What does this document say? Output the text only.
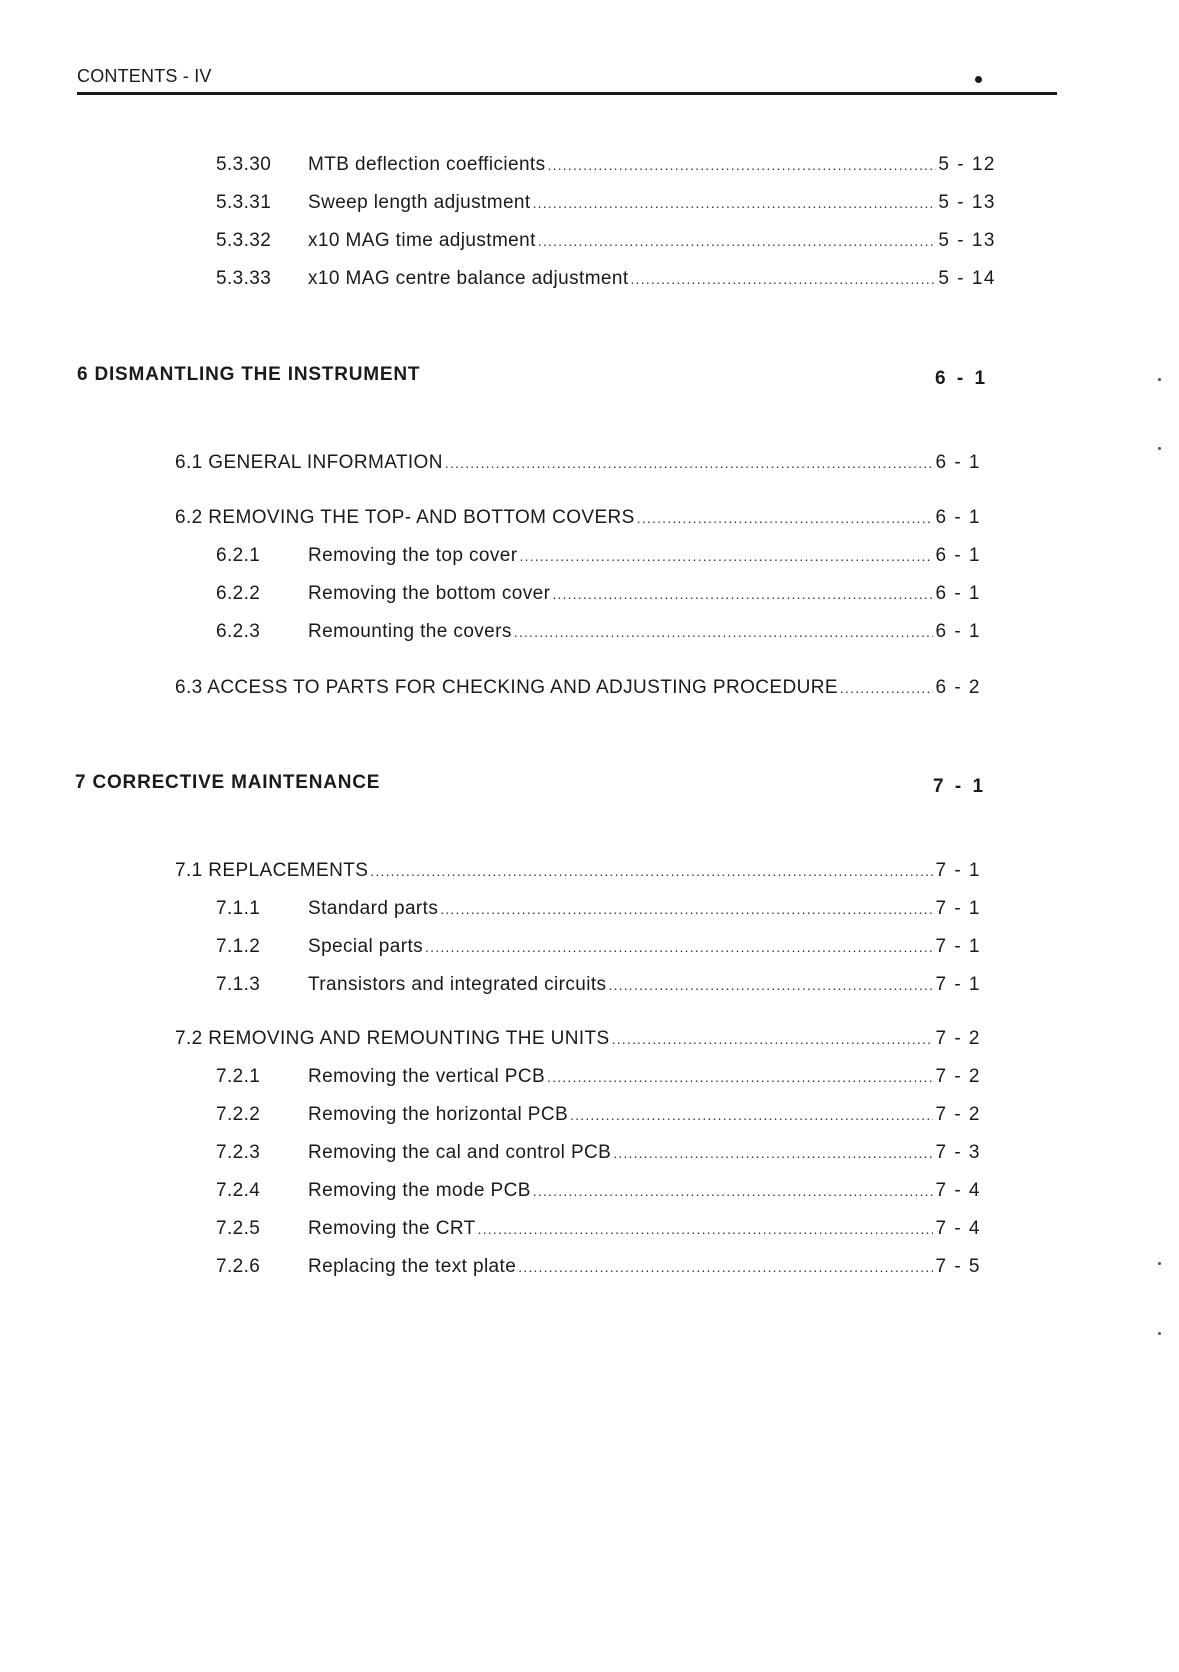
CONTENTS - IV
5.3.30	MTB deflection coefficients .....	5 - 12
5.3.31	Sweep length adjustment .....	5 - 13
5.3.32	x10 MAG time adjustment .....	5 - 13
5.3.33	x10 MAG centre balance adjustment .....	5 - 14
6 DISMANTLING THE INSTRUMENT	6 - 1
6.1 GENERAL INFORMATION .....	6 - 1
6.2 REMOVING THE TOP- AND BOTTOM COVERS .....	6 - 1
6.2.1	Removing the top cover .....	6 - 1
6.2.2	Removing the bottom cover .....	6 - 1
6.2.3	Remounting the covers .....	6 - 1
6.3 ACCESS TO PARTS FOR CHECKING AND ADJUSTING PROCEDURE .....	6 - 2
7 CORRECTIVE MAINTENANCE	7 - 1
7.1 REPLACEMENTS .....	7 - 1
7.1.1	Standard parts .....	7 - 1
7.1.2	Special parts .....	7 - 1
7.1.3	Transistors and integrated circuits .....	7 - 1
7.2 REMOVING AND REMOUNTING THE UNITS .....	7 - 2
7.2.1	Removing the vertical PCB .....	7 - 2
7.2.2	Removing the horizontal PCB .....	7 - 2
7.2.3	Removing the cal and control PCB .....	7 - 3
7.2.4	Removing the mode PCB .....	7 - 4
7.2.5	Removing the CRT .....	7 - 4
7.2.6	Replacing the text plate .....	7 - 5
